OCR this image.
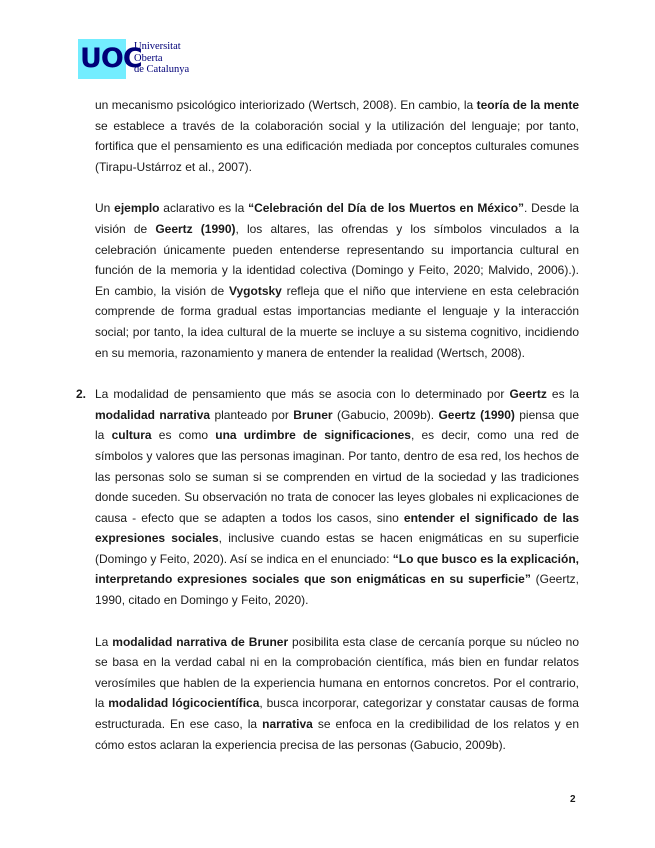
UOC
Universitat
Oberta
de Catalunya

un mecanismo psicológico interiorizado (Wertsch, 2008). En cambio, la teoría de la mente se establece a través de la colaboración social y la utilización del lenguaje; por tanto, fortifica que el pensamiento es una edificación mediada por conceptos culturales comunes (Tirapu-Ustárroz et al., 2007).

Un ejemplo aclarativo es la “Celebración del Día de los Muertos en México”. Desde la visión de Geertz (1990), los altares, las ofrendas y los símbolos vinculados a la celebración únicamente pueden entenderse representando su importancia cultural en función de la memoria y la identidad colectiva (Domingo y Feito, 2020; Malvido, 2006).). En cambio, la visión de Vygotsky refleja que el niño que interviene en esta celebración comprende de forma gradual estas importancias mediante el lenguaje y la interacción social; por tanto, la idea cultural de la muerte se incluye a su sistema cognitivo, incidiendo en su memoria, razonamiento y manera de entender la realidad (Wertsch, 2008).

2. La modalidad de pensamiento que más se asocia con lo determinado por Geertz es la modalidad narrativa planteado por Bruner (Gabucio, 2009b). Geertz (1990) piensa que la cultura es como una urdimbre de significaciones, es decir, como una red de símbolos y valores que las personas imaginan. Por tanto, dentro de esa red, los hechos de las personas solo se suman si se comprenden en virtud de la sociedad y las tradiciones donde suceden. Su observación no trata de conocer las leyes globales ni explicaciones de causa - efecto que se adapten a todos los casos, sino entender el significado de las expresiones sociales, inclusive cuando estas se hacen enigmáticas en su superficie (Domingo y Feito, 2020). Así se indica en el enunciado: “Lo que busco es la explicación, interpretando expresiones sociales que son enigmáticas en su superficie” (Geertz, 1990, citado en Domingo y Feito, 2020).

La modalidad narrativa de Bruner posibilita esta clase de cercanía porque su núcleo no se basa en la verdad cabal ni en la comprobación científica, más bien en fundar relatos verosímiles que hablen de la experiencia humana en entornos concretos. Por el contrario, la modalidad lógicocientífica, busca incorporar, categorizar y constatar causas de forma estructurada. En ese caso, la narrativa se enfoca en la credibilidad de los relatos y en cómo estos aclaran la experiencia precisa de las personas (Gabucio, 2009b).

2
